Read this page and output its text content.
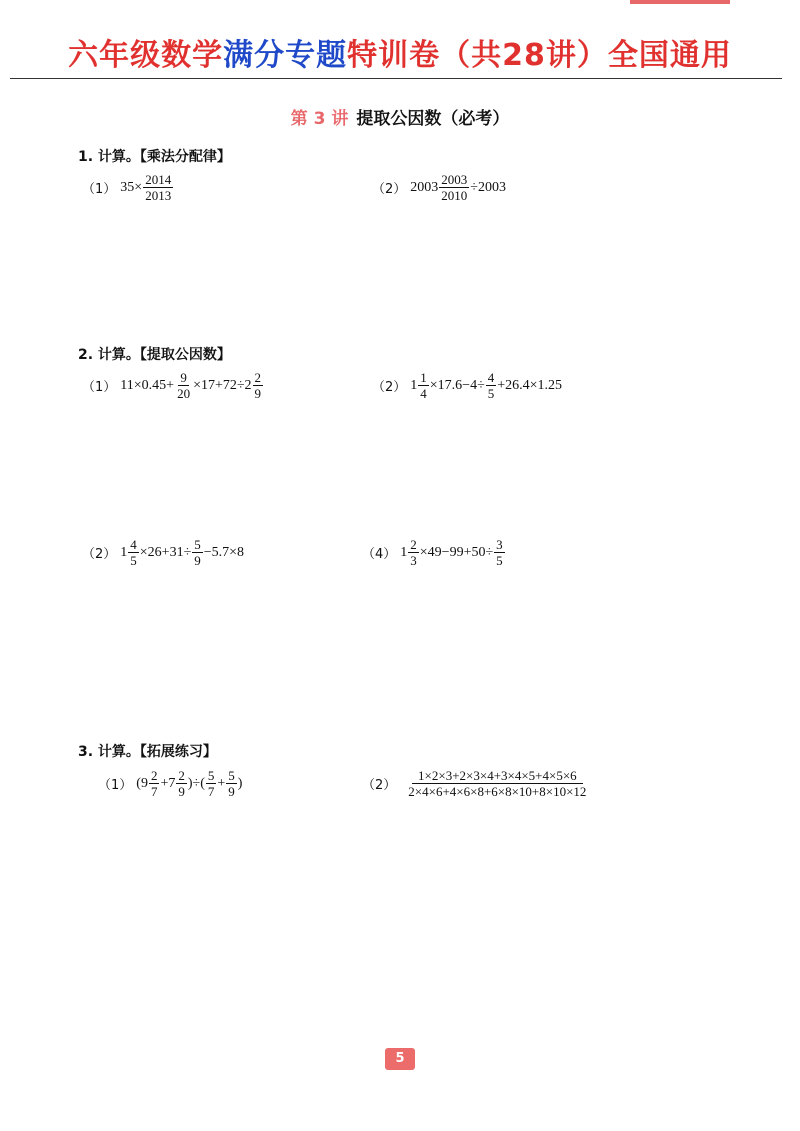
六年级数学满分专题特训卷（共28讲）全国通用
第 3 讲 提取公因数（必考）
1. 计算。【乘法分配律】
（1） $35\times \frac{2014}{2013}$	（2） $2003 \frac{2003}{2010} \div 2003$
2. 计算。【提取公因数】
（1） $11\times 0.45+ \frac{9}{20} \times 17+72\div 2 \frac{2}{9}$	（2） $1 \frac{1}{4} \times 17.6-4\div \frac{4}{5} +26.4\times 1.25$
（2） $1 \frac{4}{5} \times 26+31\div \frac{5}{9} -5.7\times 8$	（4） $1 \frac{2}{3} \times 49-99+50\div \frac{3}{5}$
3. 计算。【拓展练习】
（1） ($9 \frac{2}{7} +7 \frac{2}{9}$ )÷( $\frac{5}{7} + \frac{5}{9}$ )	$(2) \frac{1\times 2\times 3+2\times 3\times 4+3\times 4\times 5+4\times 5\times 6}{2\times 4\times 6+4\times 6\times 8+6\times 8\times 10+8\times 10\times 12}$
5
